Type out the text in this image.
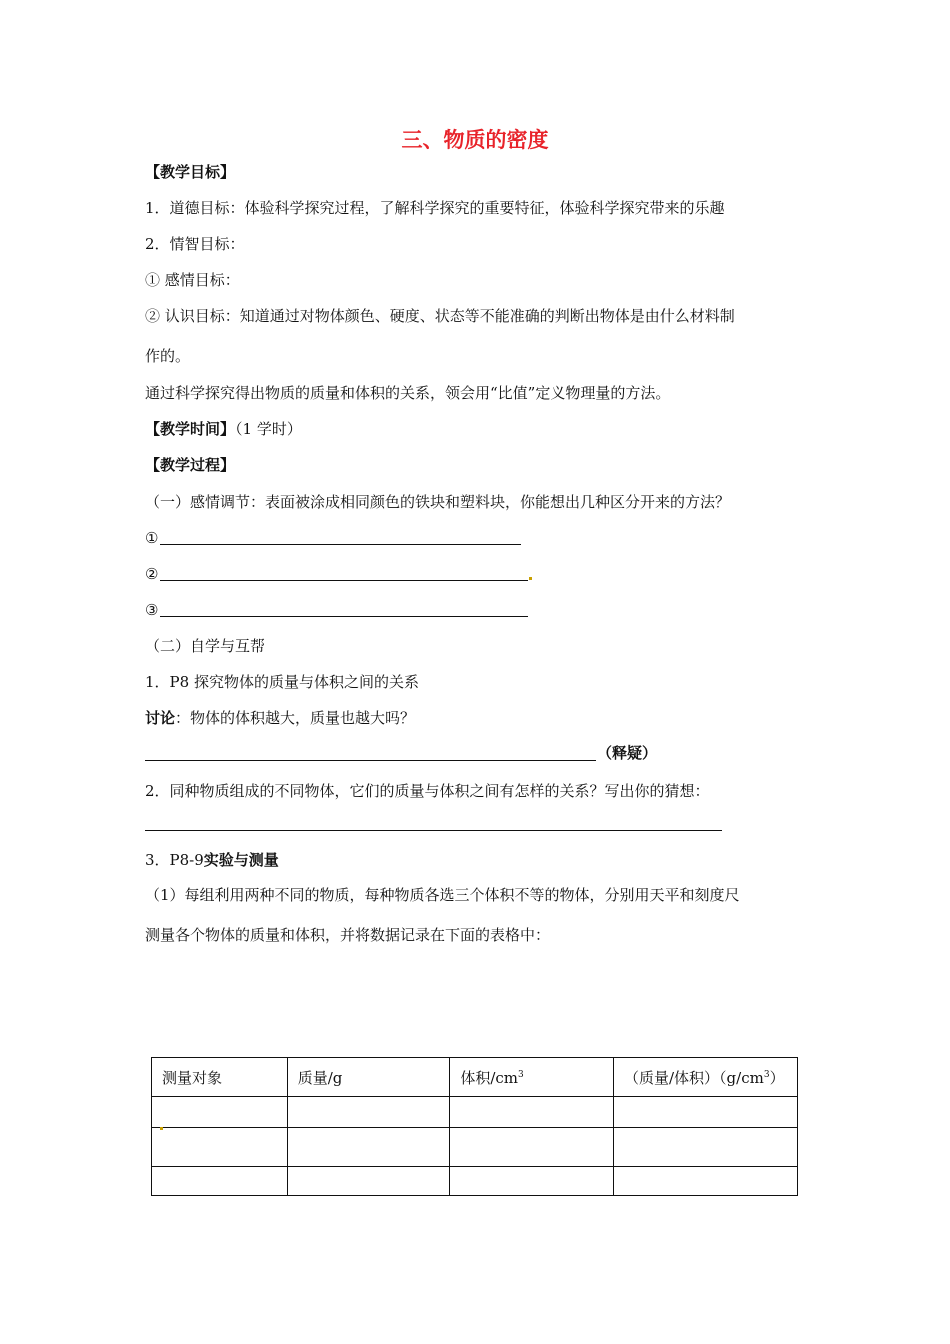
三、物质的密度
【教学目标】
1．道德目标：体验科学探究过程，了解科学探究的重要特征，体验科学探究带来的乐趣
2．情智目标：
① 感情目标：
② 认识目标：知道通过对物体颜色、硬度、状态等不能准确的判断出物体是由什么材料制
作的。
通过科学探究得出物质的质量和体积的关系，领会用“比值”定义物理量的方法。
【教学时间】（1 学时）
【教学过程】
（一）感情调节：表面被涂成相同颜色的铁块和塑料块，你能想出几种区分开来的方法？
①
②
③
（二）自学与互帮
1．P8 探究物体的质量与体积之间的关系
讨论：物体的体积越大，质量也越大吗？
（释疑）
2．同种物质组成的不同物体，它们的质量与体积之间有怎样的关系？写出你的猜想：
3．P8-9实验与测量
（1）每组利用两种不同的物质，每种物质各选三个体积不等的物体，分别用天平和刻度尺
测量各个物体的质量和体积，并将数据记录在下面的表格中：
测量对象	质量/g	体积$/cm^3$	（质量/体积）$(g/cm^3)$
